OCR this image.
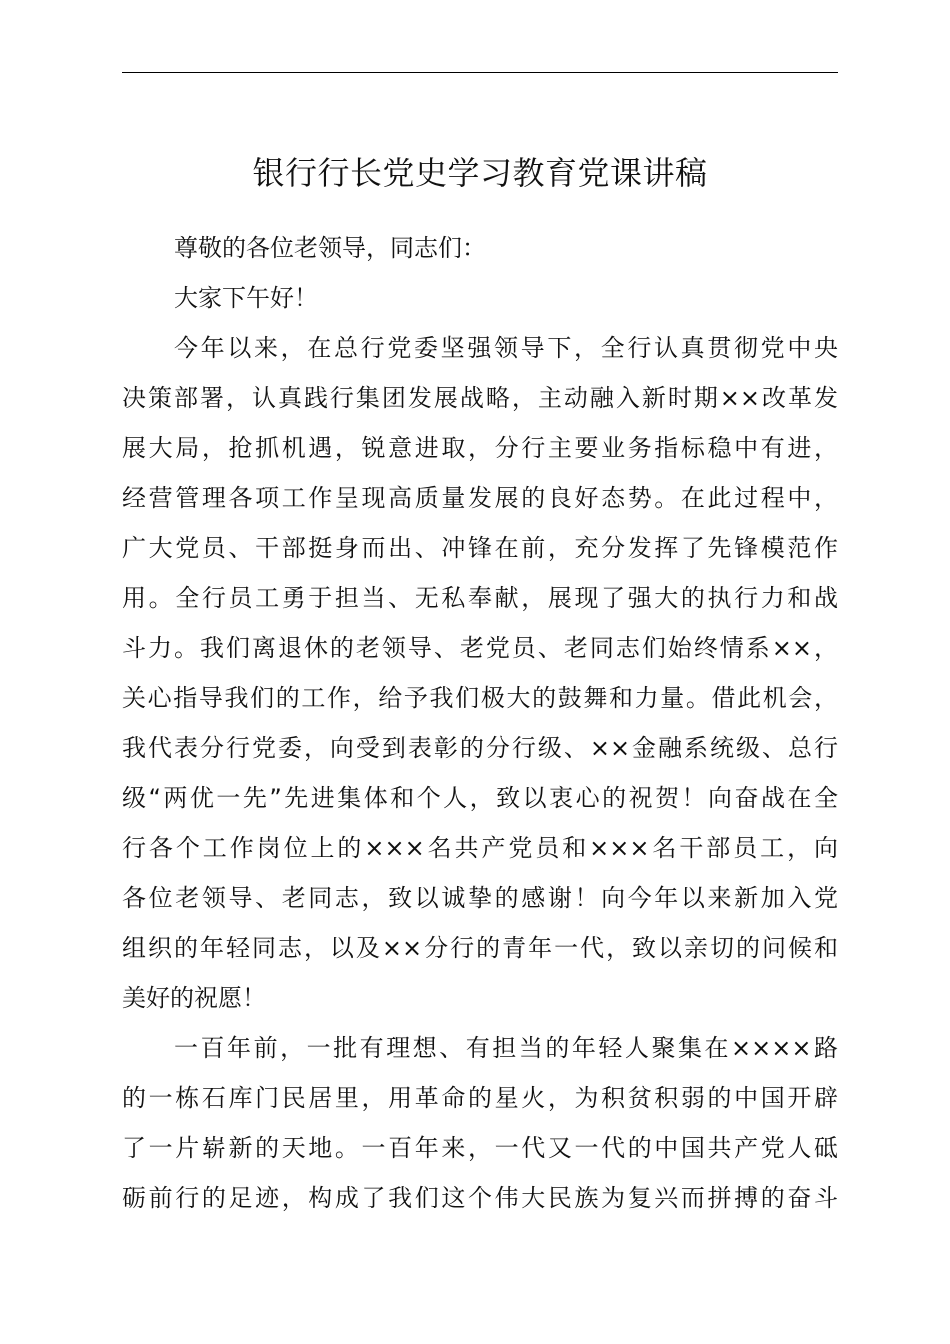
银行行长党史学习教育党课讲稿
尊敬的各位老领导，同志们：
大家下午好！
今年以来，在总行党委坚强领导下，全行认真贯彻党中央
决策部署，认真践行集团发展战略，主动融入新时期××改革发
展大局，抢抓机遇，锐意进取，分行主要业务指标稳中有进，
经营管理各项工作呈现高质量发展的良好态势。在此过程中，
广大党员、干部挺身而出、冲锋在前，充分发挥了先锋模范作
用。全行员工勇于担当、无私奉献，展现了强大的执行力和战
斗力。我们离退休的老领导、老党员、老同志们始终情系××，
关心指导我们的工作，给予我们极大的鼓舞和力量。借此机会，
我代表分行党委，向受到表彰的分行级、××金融系统级、总行
级“两优一先”先进集体和个人，致以衷心的祝贺！向奋战在全
行各个工作岗位上的×××名共产党员和×××名干部员工，向
各位老领导、老同志，致以诚挚的感谢！向今年以来新加入党
组织的年轻同志，以及××分行的青年一代，致以亲切的问候和
美好的祝愿！
一百年前，一批有理想、有担当的年轻人聚集在××××路
的一栋石库门民居里，用革命的星火，为积贫积弱的中国开辟
了一片崭新的天地。一百年来，一代又一代的中国共产党人砥
砺前行的足迹，构成了我们这个伟大民族为复兴而拼搏的奋斗
